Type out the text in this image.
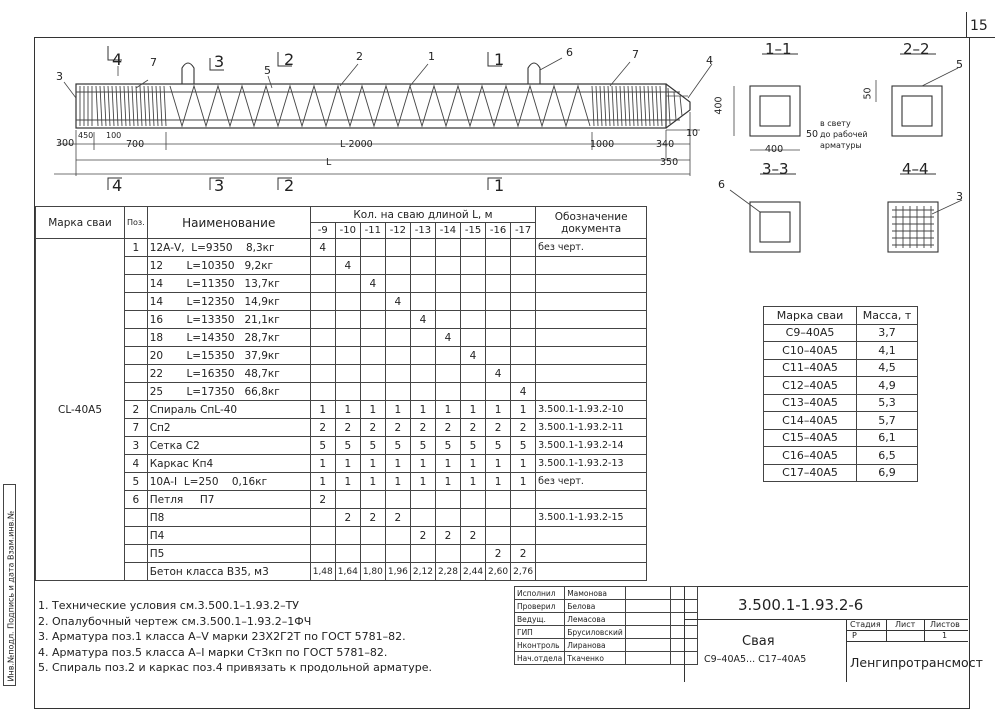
15
Инв.№подл. Подпись и дата Взам.инв.№
3
7	2	1	6	7	4
5
4	3	2	1
4	3	2	1
450 100
300	700	L-2000	1000	340
10
350
L
1–1	2–2
3–3	4–4
400
400
50
в свету
до рабочей
арматуры
50
5
6
3
Марка сваи	Поз.	Наименование	Кол. на сваю длиной L, м									Обозначение документа
			-9	-10	-11	-12	-13	-14	-15	-16	-17	
СL-40А5	1	12А-V,  L=9350    8,3кг	4									без черт.
		12       L=10350   9,2кг		4								
		14       L=11350   13,7кг			4							
		14       L=12350   14,9кг				4						
		16       L=13350   21,1кг					4					
		18       L=14350   28,7кг						4				
		20       L=15350   37,9кг							4			
		22       L=16350   48,7кг								4		
		25       L=17350   66,8кг									4	
	2	Спираль СпL-40	1	1	1	1	1	1	1	1	1	3.500.1-1.93.2-10
	7	Сп2	2	2	2	2	2	2	2	2	2	3.500.1-1.93.2-11
	3	Сетка С2	5	5	5	5	5	5	5	5	5	3.500.1-1.93.2-14
	4	Каркас Кп4	1	1	1	1	1	1	1	1	1	3.500.1-1.93.2-13
	5	10А-I  L=250    0,16кг	1	1	1	1	1	1	1	1	1	без черт.
	6	Петля     П7	2									
		П8		2	2	2						3.500.1-1.93.2-15
		П4					2	2	2			
		П5								2	2	
		Бетон класса В35, м3	1,48	1,64	1,80	1,96	2,12	2,28	2,44	2,60	2,76	
Марка сваи	Масса, т
С9–40А5	3,7
С10–40А5	4,1
С11–40А5	4,5
С12–40А5	4,9
С13–40А5	5,3
С14–40А5	5,7
С15–40А5	6,1
С16–40А5	6,5
С17–40А5	6,9
1. Технические условия см.3.500.1–1.93.2–ТУ
2. Опалубочный чертеж см.3.500.1–1.93.2–1ФЧ
3. Арматура поз.1 класса А–V марки 23Х2Г2Т по ГОСТ 5781–82.
4. Арматура поз.5 класса А–I марки Ст3кп по ГОСТ 5781–82.
5. Спираль поз.2 и каркас поз.4 привязать к продольной арматуре.
Исполнил	Мамонова		
Проверил	Белова		
Ведущ.	Лемасова		
ГИП	Брусиловский		
Нконтроль	Лиранова		
Нач.отдела	Ткаченко		
3.500.1-1.93.2-6
Свая
С9–40А5... С17–40А5
Стадия Лист Листов
Р	1
Ленгипротрансмост
